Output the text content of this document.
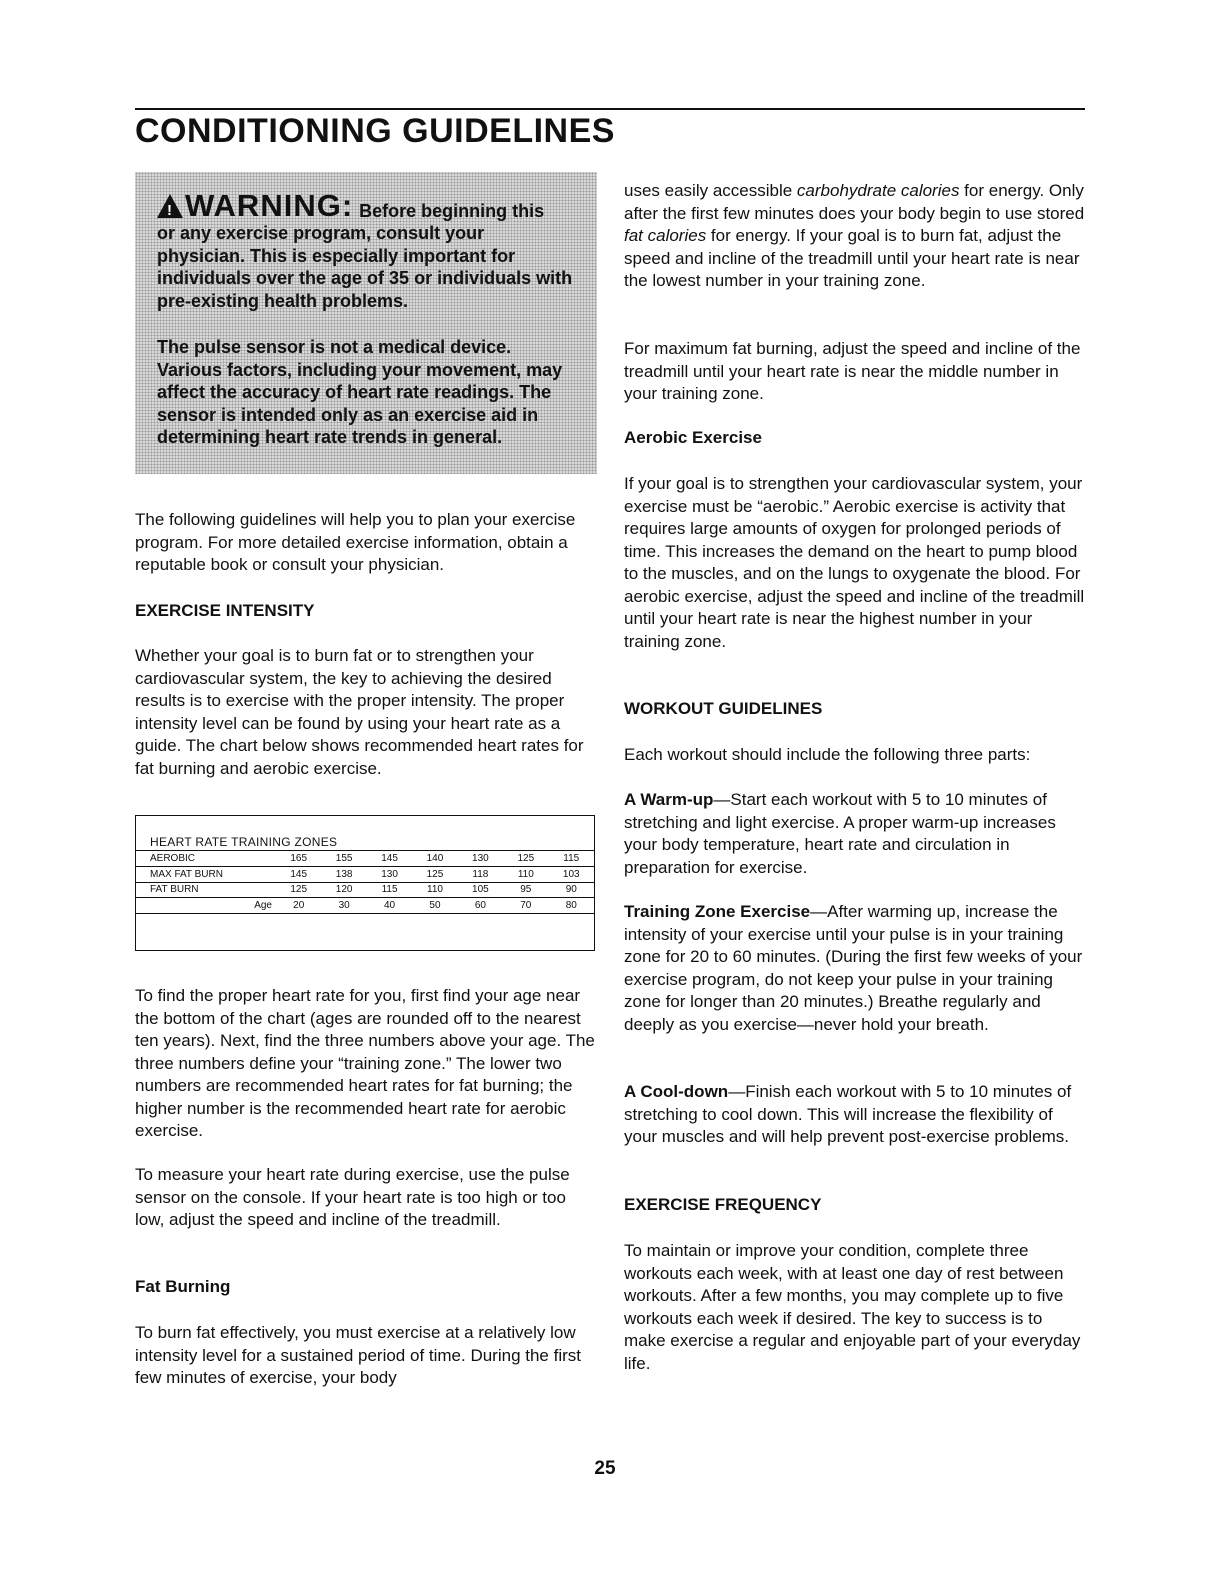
CONDITIONING GUIDELINES
! WARNING: Before beginning this
or any exercise program, consult your physician. This is especially important for individuals over the age of 35 or individuals with pre-existing health problems.
The pulse sensor is not a medical device. Various factors, including your movement, may affect the accuracy of heart rate readings. The sensor is intended only as an exercise aid in determining heart rate trends in general.

The following guidelines will help you to plan your exercise program. For more detailed exercise information, obtain a reputable book or consult your physician.

EXERCISE INTENSITY

Whether your goal is to burn fat or to strengthen your cardiovascular system, the key to achieving the desired results is to exercise with the proper intensity. The proper intensity level can be found by using your heart rate as a guide. The chart below shows recommended heart rates for fat burning and aerobic exercise.

To find the proper heart rate for you, first find your age near the bottom of the chart (ages are rounded off to the nearest ten years). Next, find the three numbers above your age. The three numbers define your “training zone.” The lower two numbers are recommended heart rates for fat burning; the higher number is the recommended heart rate for aerobic exercise.

To measure your heart rate during exercise, use the pulse sensor on the console. If your heart rate is too high or too low, adjust the speed and incline of the treadmill.

Fat Burning

To burn fat effectively, you must exercise at a relatively low intensity level for a sustained period of time. During the first few minutes of exercise, your body

HEART RATE TRAINING ZONES
AEROBIC	165	155	145	140	130	125	115
MAX FAT BURN	145	138	130	125	118	110	103
FAT BURN	125	120	115	110	105	95	90
Age	20	30	40	50	60	70	80

uses easily accessible carbohydrate calories for energy. Only after the first few minutes does your body begin to use stored fat calories for energy. If your goal is to burn fat, adjust the speed and incline of the treadmill until your heart rate is near the lowest number in your training zone.

For maximum fat burning, adjust the speed and incline of the treadmill until your heart rate is near the middle number in your training zone.

Aerobic Exercise

If your goal is to strengthen your cardiovascular system, your exercise must be “aerobic.” Aerobic exercise is activity that requires large amounts of oxygen for prolonged periods of time. This increases the demand on the heart to pump blood to the muscles, and on the lungs to oxygenate the blood. For aerobic exercise, adjust the speed and incline of the treadmill until your heart rate is near the highest number in your training zone.

WORKOUT GUIDELINES

Each workout should include the following three parts:

A Warm-up—Start each workout with 5 to 10 minutes of stretching and light exercise. A proper warm-up increases your body temperature, heart rate and circulation in preparation for exercise.

Training Zone Exercise—After warming up, increase the intensity of your exercise until your pulse is in your training zone for 20 to 60 minutes. (During the first few weeks of your exercise program, do not keep your pulse in your training zone for longer than 20 minutes.) Breathe regularly and deeply as you exercise—never hold your breath.

A Cool-down—Finish each workout with 5 to 10 minutes of stretching to cool down. This will increase the flexibility of your muscles and will help prevent post-exercise problems.

EXERCISE FREQUENCY

To maintain or improve your condition, complete three workouts each week, with at least one day of rest between workouts. After a few months, you may complete up to five workouts each week if desired. The key to success is to make exercise a regular and enjoyable part of your everyday life.

25
